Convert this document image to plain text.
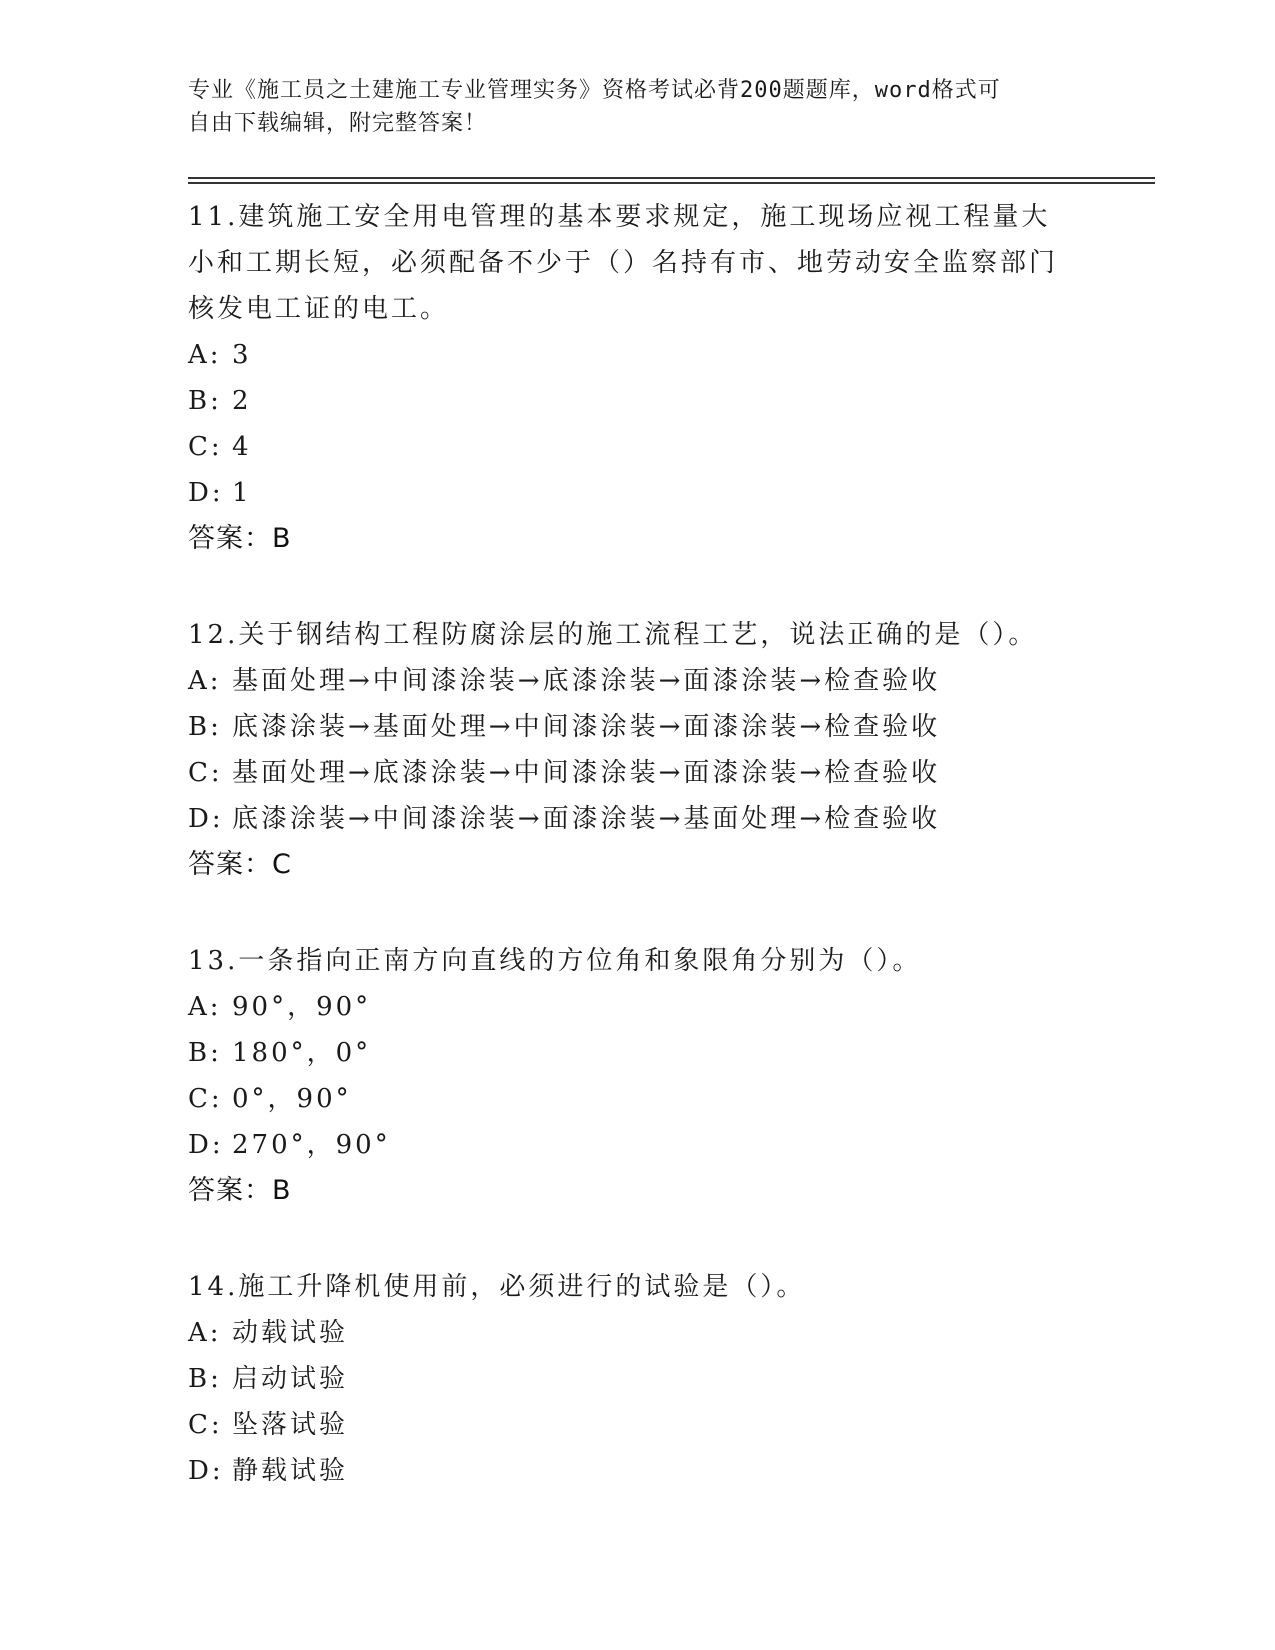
专业《施工员之土建施工专业管理实务》资格考试必背200题题库，word格式可
自由下载编辑，附完整答案！
11.建筑施工安全用电管理的基本要求规定，施工现场应视工程量大小和工期长短，必须配备不少于（）名持有市、地劳动安全监察部门核发电工证的电工。
A: 3
B: 2
C: 4
D: 1
答案：B
12.关于钢结构工程防腐涂层的施工流程工艺，说法正确的是（）。
A: 基面处理→中间漆涂装→底漆涂装→面漆涂装→检查验收
B: 底漆涂装→基面处理→中间漆涂装→面漆涂装→检查验收
C: 基面处理→底漆涂装→中间漆涂装→面漆涂装→检查验收
D: 底漆涂装→中间漆涂装→面漆涂装→基面处理→检查验收
答案：C
13.一条指向正南方向直线的方位角和象限角分别为（）。
A: 90°，90°
B: 180°，0°
C: 0°，90°
D: 270°，90°
答案：B
14.施工升降机使用前，必须进行的试验是（）。
A: 动载试验
B: 启动试验
C: 坠落试验
D: 静载试验
